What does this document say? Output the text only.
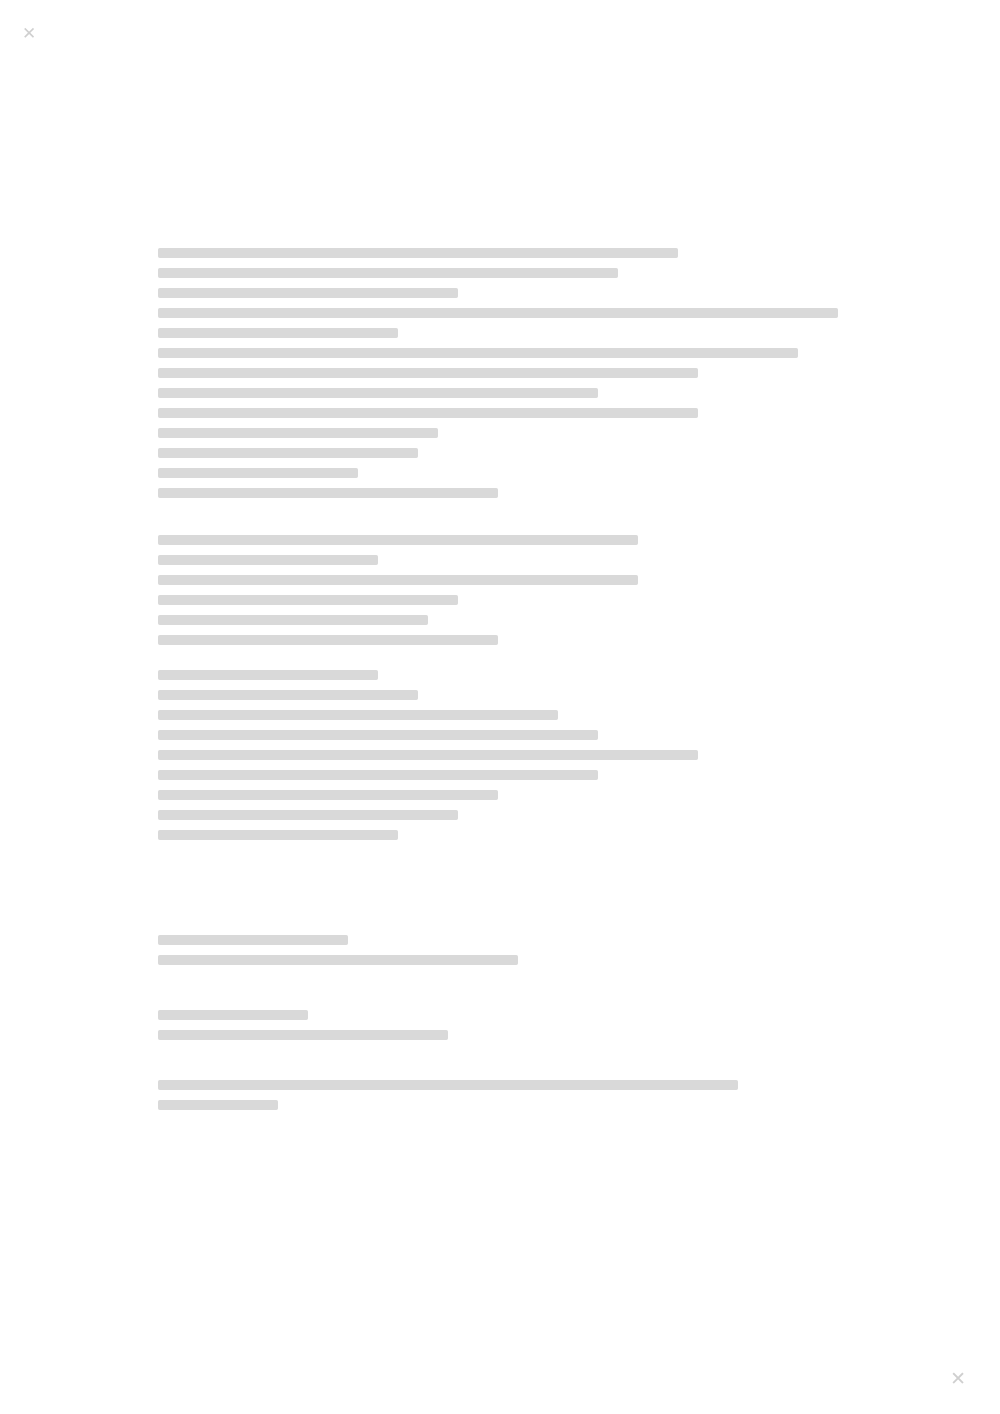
✕
✕
